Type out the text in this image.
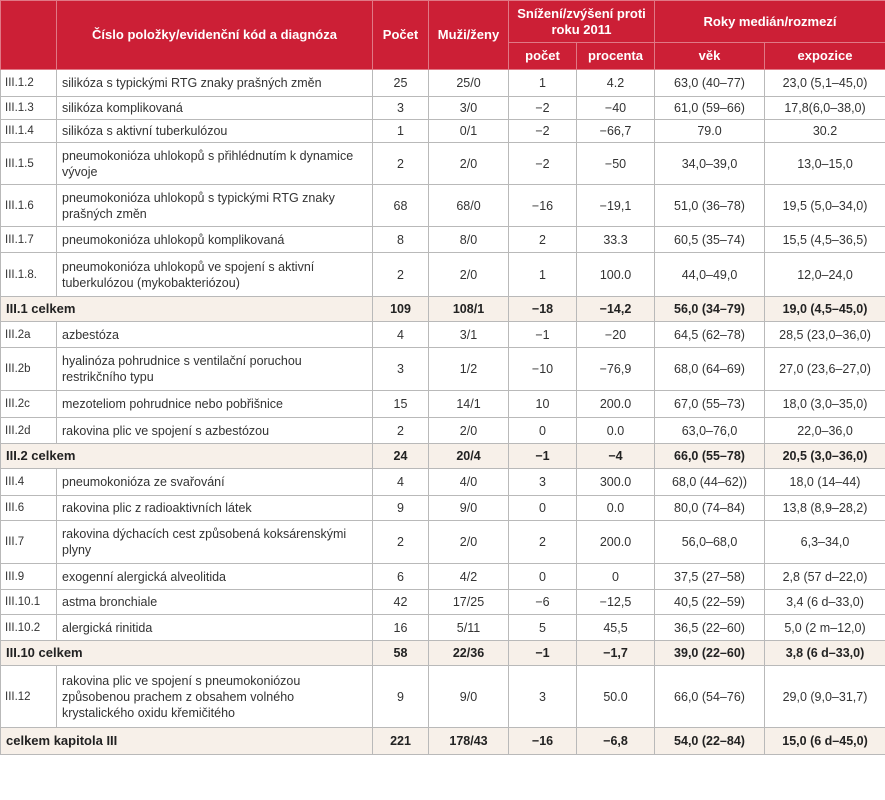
	Číslo položky/evidenční kód a diagnóza	Počet	Muži/ženy	Snížení/zvýšení proti roku 2011		Roky medián/rozmezí	
				počet	procenta	věk	expozice
III.1.2	silikóza s typickými RTG znaky prašných změn	25	25/0	1	4.2	63,0 (40–77)	23,0 (5,1–45,0)
III.1.3	silikóza komplikovaná	3	3/0	−2	−40	61,0 (59–66)	17,8(6,0–38,0)
III.1.4	silikóza s aktivní tuberkulózou	1	0/1	−2	−66,7	79.0	30.2
III.1.5	pneumokonióza uhlokopů s přihlédnutím k dynamice vývoje	2	2/0	−2	−50	34,0–39,0	13,0–15,0
III.1.6	pneumokonióza uhlokopů s typickými RTG znaky prašných změn	68	68/0	−16	−19,1	51,0 (36–78)	19,5 (5,0–34,0)
III.1.7	pneumokonióza uhlokopů komplikovaná	8	8/0	2	33.3	60,5 (35–74)	15,5 (4,5–36,5)
III.1.8.	pneumokonióza uhlokopů ve spojení s aktivní tuberkulózou (mykobakteriózou)	2	2/0	1	100.0	44,0–49,0	12,0–24,0
III.1 celkem		109	108/1	−18	−14,2	56,0 (34–79)	19,0 (4,5–45,0)
III.2a	azbestóza	4	3/1	−1	−20	64,5 (62–78)	28,5 (23,0–36,0)
III.2b	hyalinóza pohrudnice s ventilační poruchou restrikčního typu	3	1/2	−10	−76,9	68,0 (64–69)	27,0 (23,6–27,0)
III.2c	mezoteliom pohrudnice nebo pobřišnice	15	14/1	10	200.0	67,0 (55–73)	18,0 (3,0–35,0)
III.2d	rakovina plic ve spojení s azbestózou	2	2/0	0	0.0	63,0–76,0	22,0–36,0
III.2 celkem		24	20/4	−1	−4	66,0 (55–78)	20,5 (3,0–36,0)
III.4	pneumokonióza ze svařování	4	4/0	3	300.0	68,0 (44–62))	18,0 (14–44)
III.6	rakovina plic z radioaktivních látek	9	9/0	0	0.0	80,0 (74–84)	13,8 (8,9–28,2)
III.7	rakovina dýchacích cest způsobená koksárenskými plyny	2	2/0	2	200.0	56,0–68,0	6,3–34,0
III.9	exogenní alergická alveolitida	6	4/2	0	0	37,5 (27–58)	2,8 (57 d–22,0)
III.10.1	astma bronchiale	42	17/25	−6	−12,5	40,5 (22–59)	3,4 (6 d–33,0)
III.10.2	alergická rinitida	16	5/11	5	45,5	36,5 (22–60)	5,0 (2 m–12,0)
III.10 celkem		58	22/36	−1	−1,7	39,0 (22–60)	3,8 (6 d–33,0)
III.12	rakovina plic ve spojení s pneumokoniózou způsobenou prachem z obsahem volného krystalického oxidu křemičitého	9	9/0	3	50.0	66,0 (54–76)	29,0 (9,0–31,7)
celkem kapitola III		221	178/43	−16	−6,8	54,0 (22–84)	15,0 (6 d–45,0)
